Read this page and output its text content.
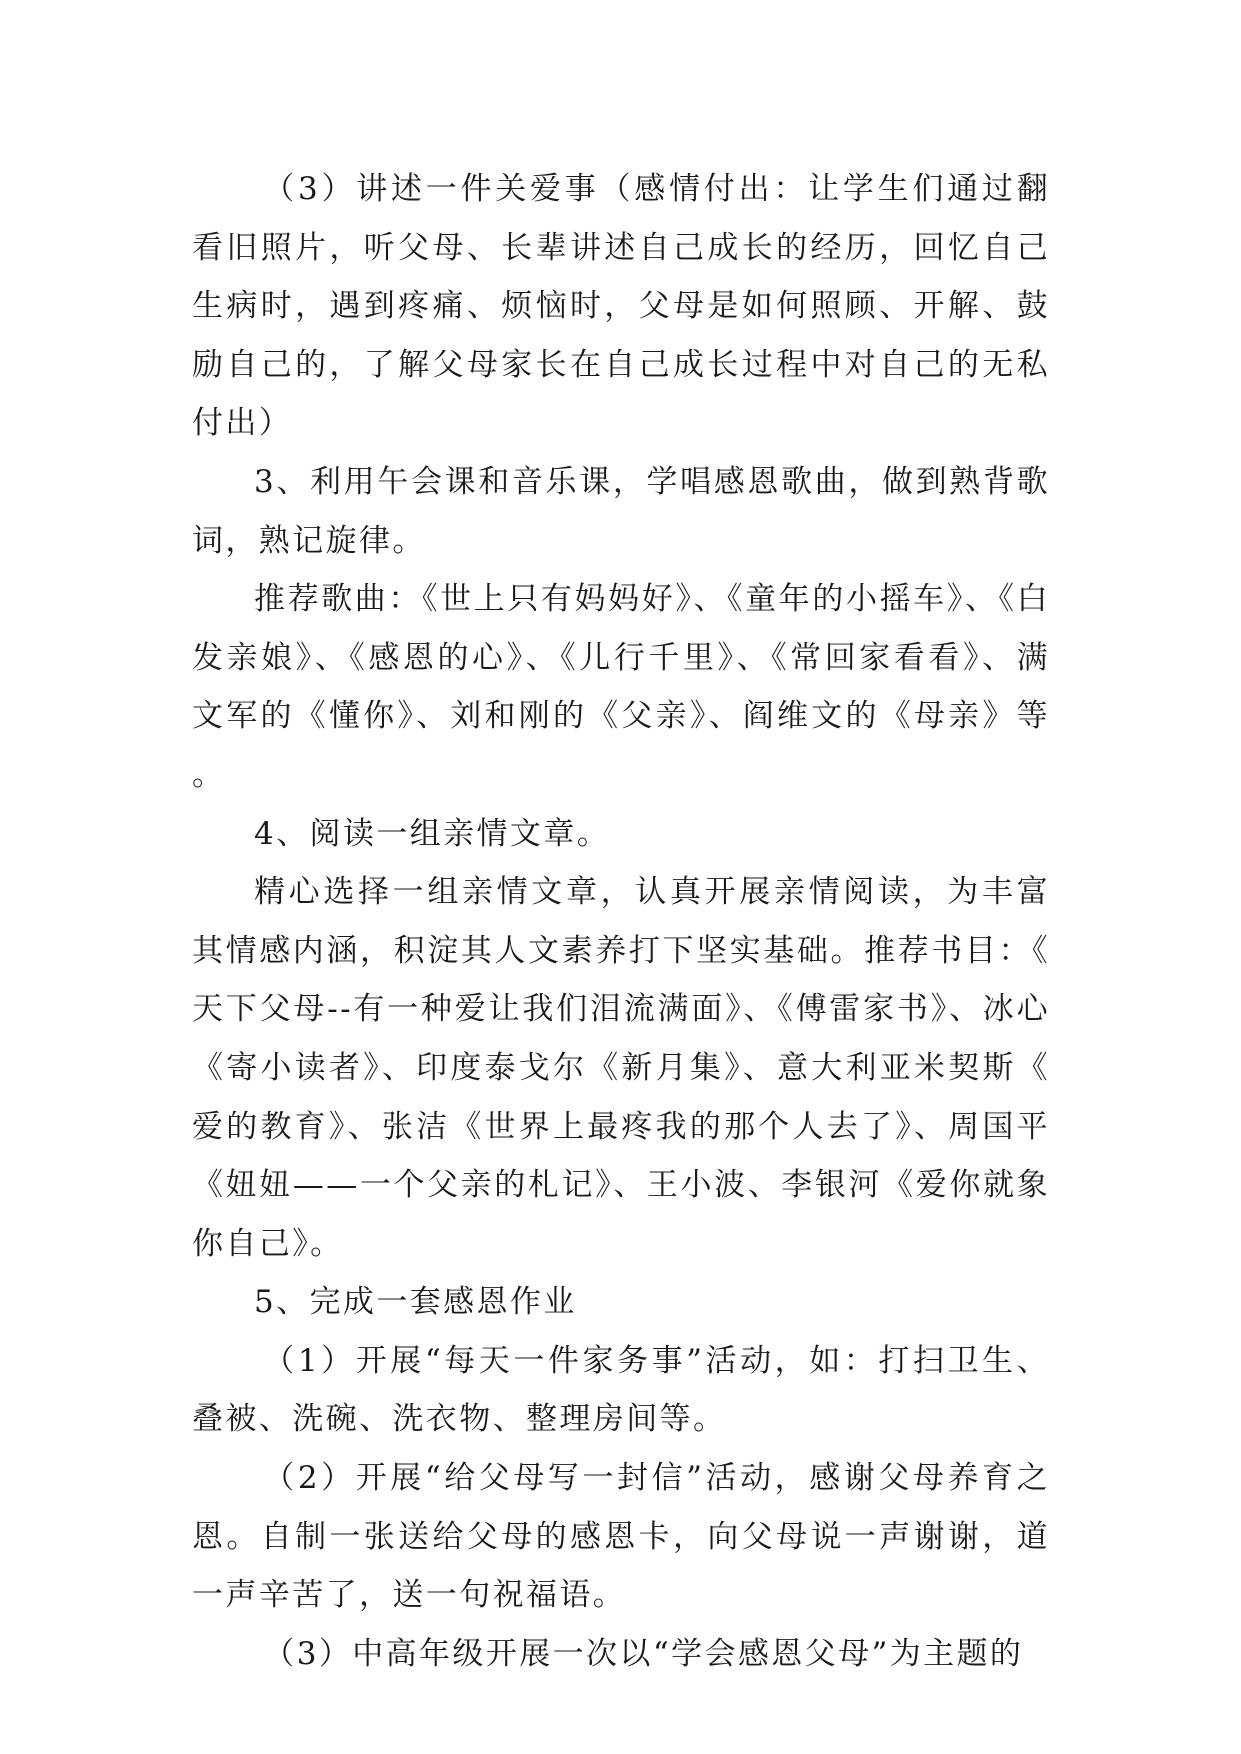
（3）讲述一件关爱事（感情付出：让学生们通过翻看旧照片，听父母、长辈讲述自己成长的经历，回忆自己生病时，遇到疼痛、烦恼时，父母是如何照顾、开解、鼓励自己的，了解父母家长在自己成长过程中对自己的无私付出）

3、利用午会课和音乐课，学唱感恩歌曲，做到熟背歌词，熟记旋律。

推荐歌曲：《世上只有妈妈好》、《童年的小摇车》、《白发亲娘》、《感恩的心》、《儿行千里》、《常回家看看》、满文军的《懂你》、刘和刚的《父亲》、阎维文的《母亲》等。

4、阅读一组亲情文章。

精心选择一组亲情文章，认真开展亲情阅读，为丰富其情感内涵，积淀其人文素养打下坚实基础。推荐书目：《天下父母--有一种爱让我们泪流满面》、《傅雷家书》、冰心《寄小读者》、印度泰戈尔《新月集》、意大利亚米契斯《爱的教育》、张洁《世界上最疼我的那个人去了》、周国平《妞妞——一个父亲的札记》、王小波、李银河《爱你就象你自己》。

5、完成一套感恩作业

（1）开展“每天一件家务事”活动，如：打扫卫生、叠被、洗碗、洗衣物、整理房间等。

（2）开展“给父母写一封信”活动，感谢父母养育之恩。自制一张送给父母的感恩卡，向父母说一声谢谢，道一声辛苦了，送一句祝福语。

（3）中高年级开展一次以“学会感恩父母”为主题的
